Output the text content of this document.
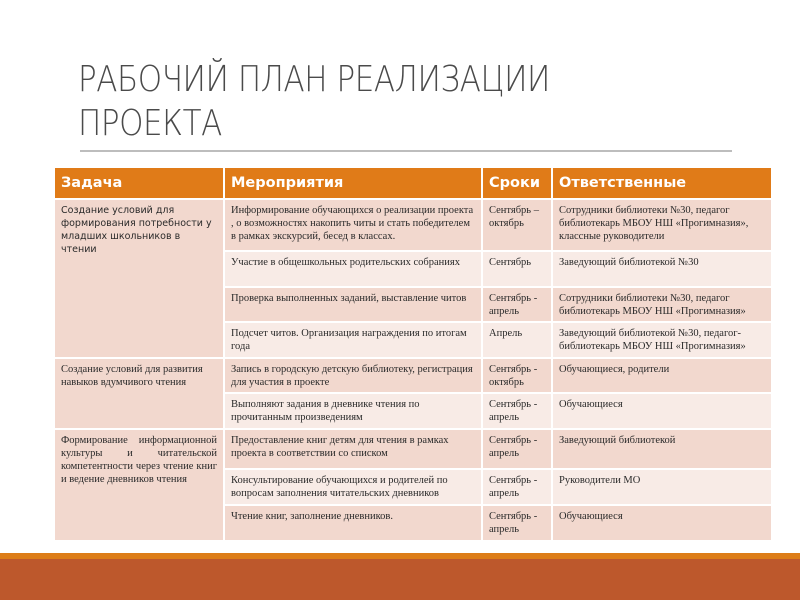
РАБОЧИЙ ПЛАН РЕАЛИЗАЦИИ ПРОЕКТА
Задача	Мероприятия	Сроки	Ответственные
Создание условий для формирования потребности у младших школьников в чтении	Информирование обучающихся о реализации проекта , о возможностях накопить читы и стать победителем в рамках экскурсий, бесед в классах.	Сентябрь – октябрь	Сотрудники библиотеки №30, педагог библиотекарь МБОУ НШ «Прогимназия», классные руководители
	Участие в общешкольных родительских собраниях	Сентябрь	Заведующий библиотекой №30
	Проверка выполненных заданий, выставление читов	Сентябрь - апрель	Сотрудники библиотеки №30, педагог библиотекарь МБОУ НШ «Прогимназия»
	Подсчет читов. Организация награждения по итогам года	Апрель	Заведующий библиотекой №30, педагог-библиотекарь МБОУ НШ «Прогимназия»
Создание условий для развития навыков вдумчивого чтения	Запись в городскую детскую библиотеку, регистрация для участия в проекте	Сентябрь - октябрь	Обучающиеся, родители
	Выполняют задания в дневнике чтения по прочитанным произведениям	Сентябрь - апрель	Обучающиеся
Формирование информационной культуры и читательской компетентности через чтение книг и ведение дневников чтения	Предоставление книг детям для чтения в рамках проекта в соответствии со списком	Сентябрь - апрель	Заведующий библиотекой
	Консультирование обучающихся и родителей по вопросам заполнения читательских дневников	Сентябрь - апрель	Руководители МО
	Чтение книг, заполнение дневников.	Сентябрь - апрель	Обучающиеся
